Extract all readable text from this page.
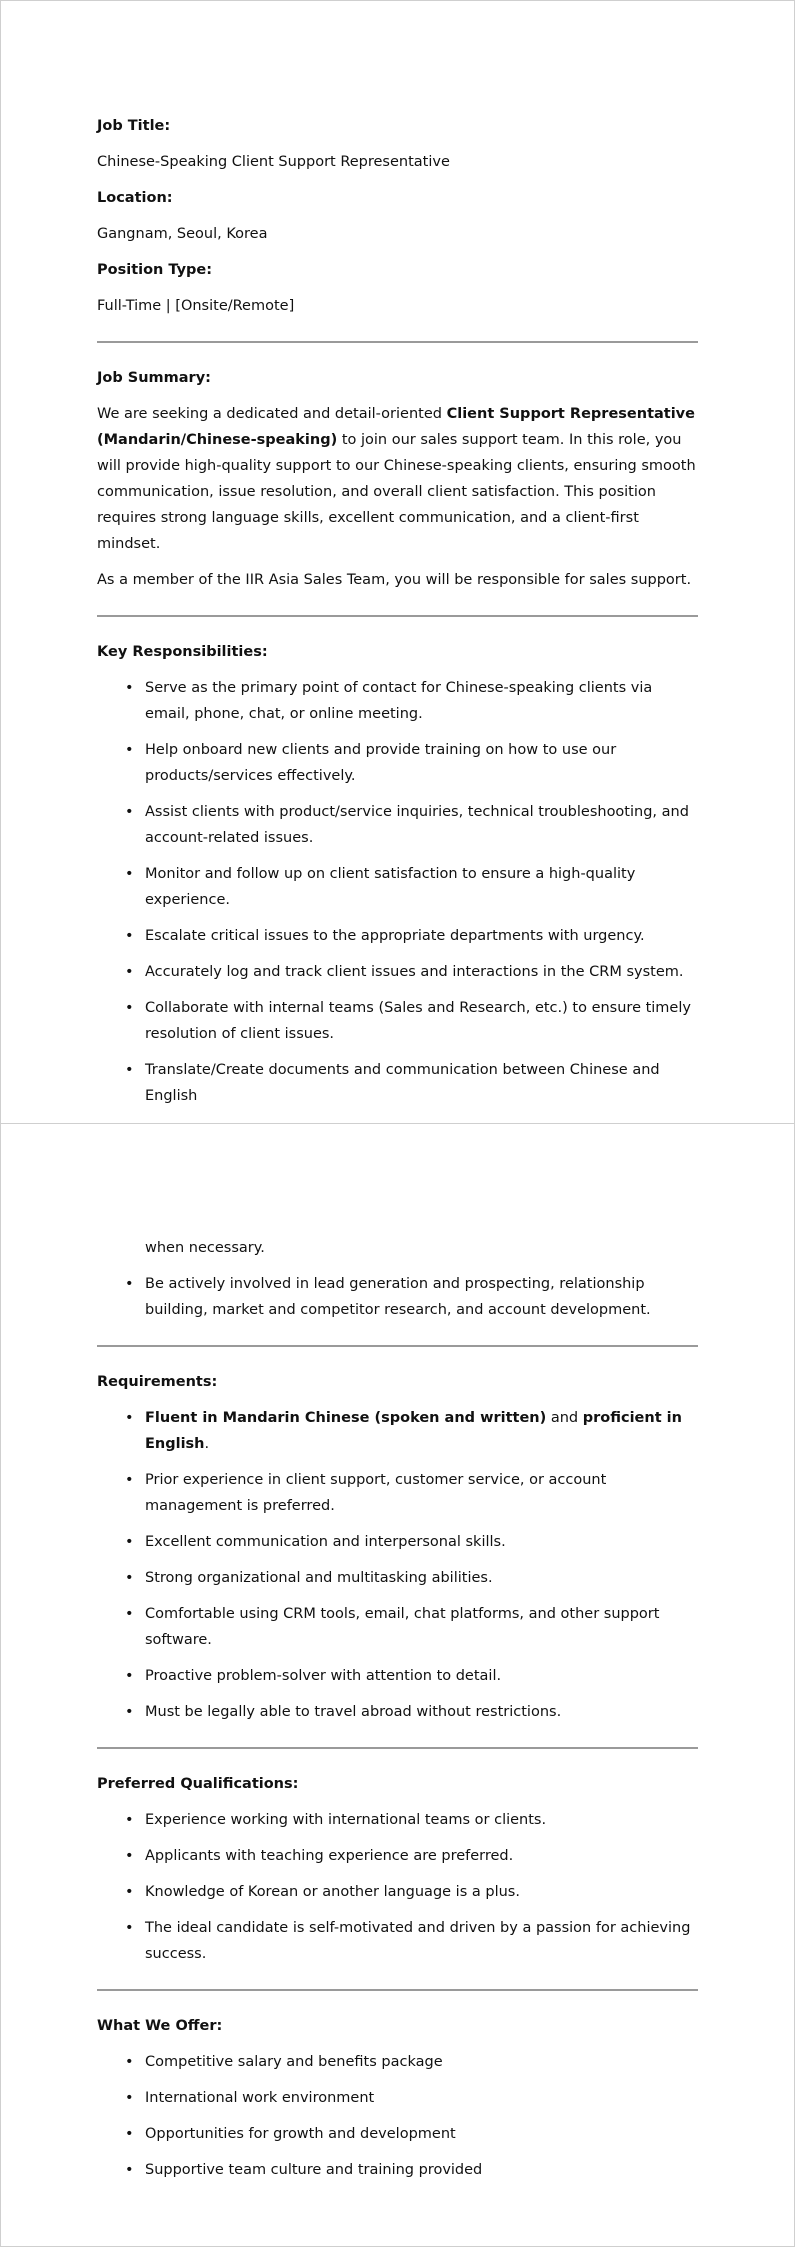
Job Title:
Chinese-Speaking Client Support Representative
Location:
Gangnam, Seoul, Korea
Position Type:
Full-Time | [Onsite/Remote]
Job Summary:

We are seeking a dedicated and detail-oriented Client Support Representative (Mandarin/Chinese-speaking) to join our sales support team. In this role, you will provide high-quality support to our Chinese-speaking clients, ensuring smooth communication, issue resolution, and overall client satisfaction. This position requires strong language skills, excellent communication, and a client-first mindset.

As a member of the IIR Asia Sales Team, you will be responsible for sales support.

Key Responsibilities:
• Serve as the primary point of contact for Chinese-speaking clients via email, phone, chat, or online meeting.
• Help onboard new clients and provide training on how to use our products/services effectively.
• Assist clients with product/service inquiries, technical troubleshooting, and account-related issues.
• Monitor and follow up on client satisfaction to ensure a high-quality experience.
• Escalate critical issues to the appropriate departments with urgency.
• Accurately log and track client issues and interactions in the CRM system.
• Collaborate with internal teams (Sales and Research, etc.) to ensure timely resolution of client issues.
• Translate/Create documents and communication between Chinese and English
when necessary.
• Be actively involved in lead generation and prospecting, relationship building, market and competitor research, and account development.
Requirements:
• Fluent in Mandarin Chinese (spoken and written) and proficient in English.
• Prior experience in client support, customer service, or account management is preferred.
• Excellent communication and interpersonal skills.
• Strong organizational and multitasking abilities.
• Comfortable using CRM tools, email, chat platforms, and other support software.
• Proactive problem-solver with attention to detail.
• Must be legally able to travel abroad without restrictions.
Preferred Qualifications:
• Experience working with international teams or clients.
• Applicants with teaching experience are preferred.
• Knowledge of Korean or another language is a plus.
• The ideal candidate is self-motivated and driven by a passion for achieving success.
What We Offer:
• Competitive salary and benefits package
• International work environment
• Opportunities for growth and development
• Supportive team culture and training provided
